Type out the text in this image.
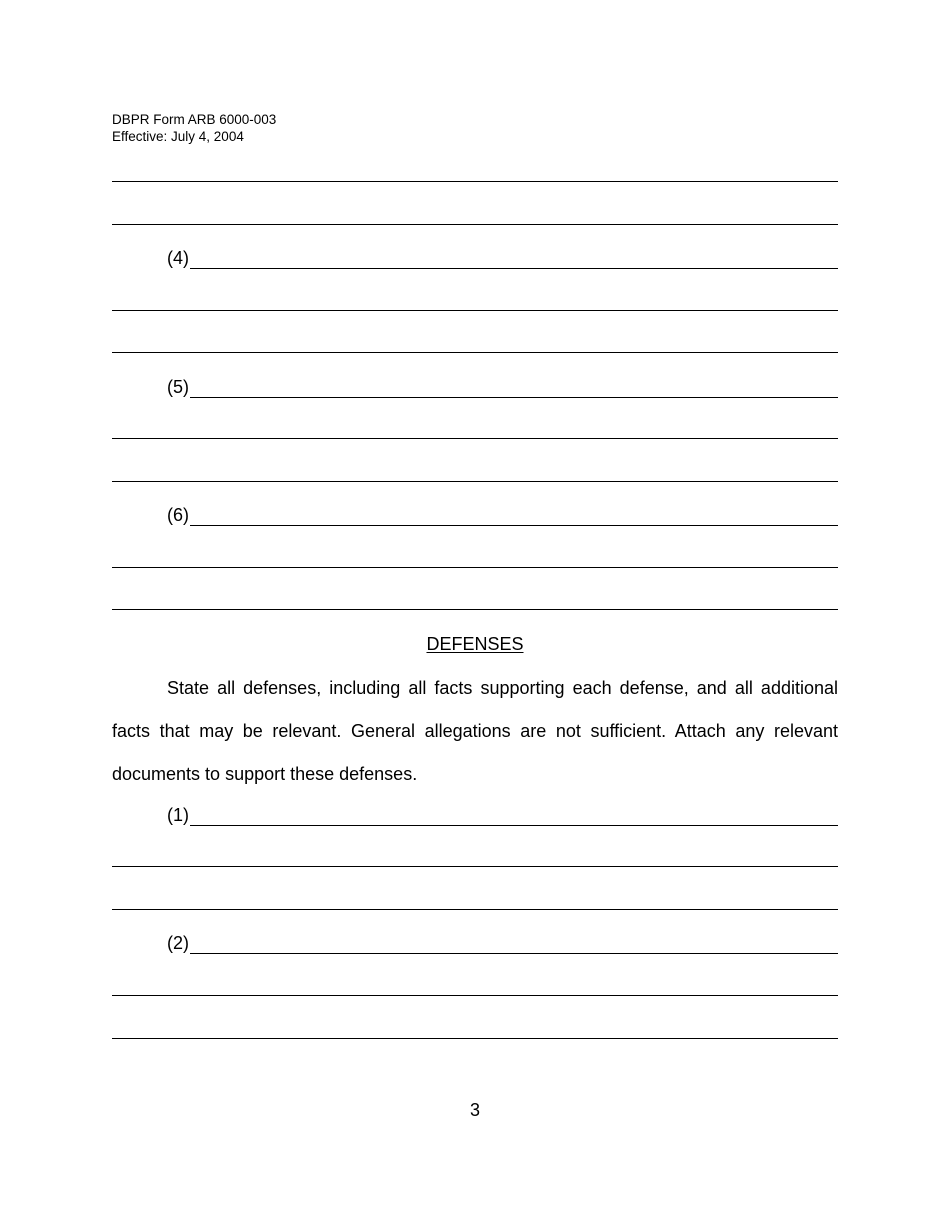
DBPR Form ARB 6000-003
Effective: July 4, 2004
(4)
(5)
(6)
DEFENSES

State all defenses, including all facts supporting each defense, and all additional facts that may be relevant. General allegations are not sufficient. Attach any relevant documents to support these defenses.

(1)
(2)
3
